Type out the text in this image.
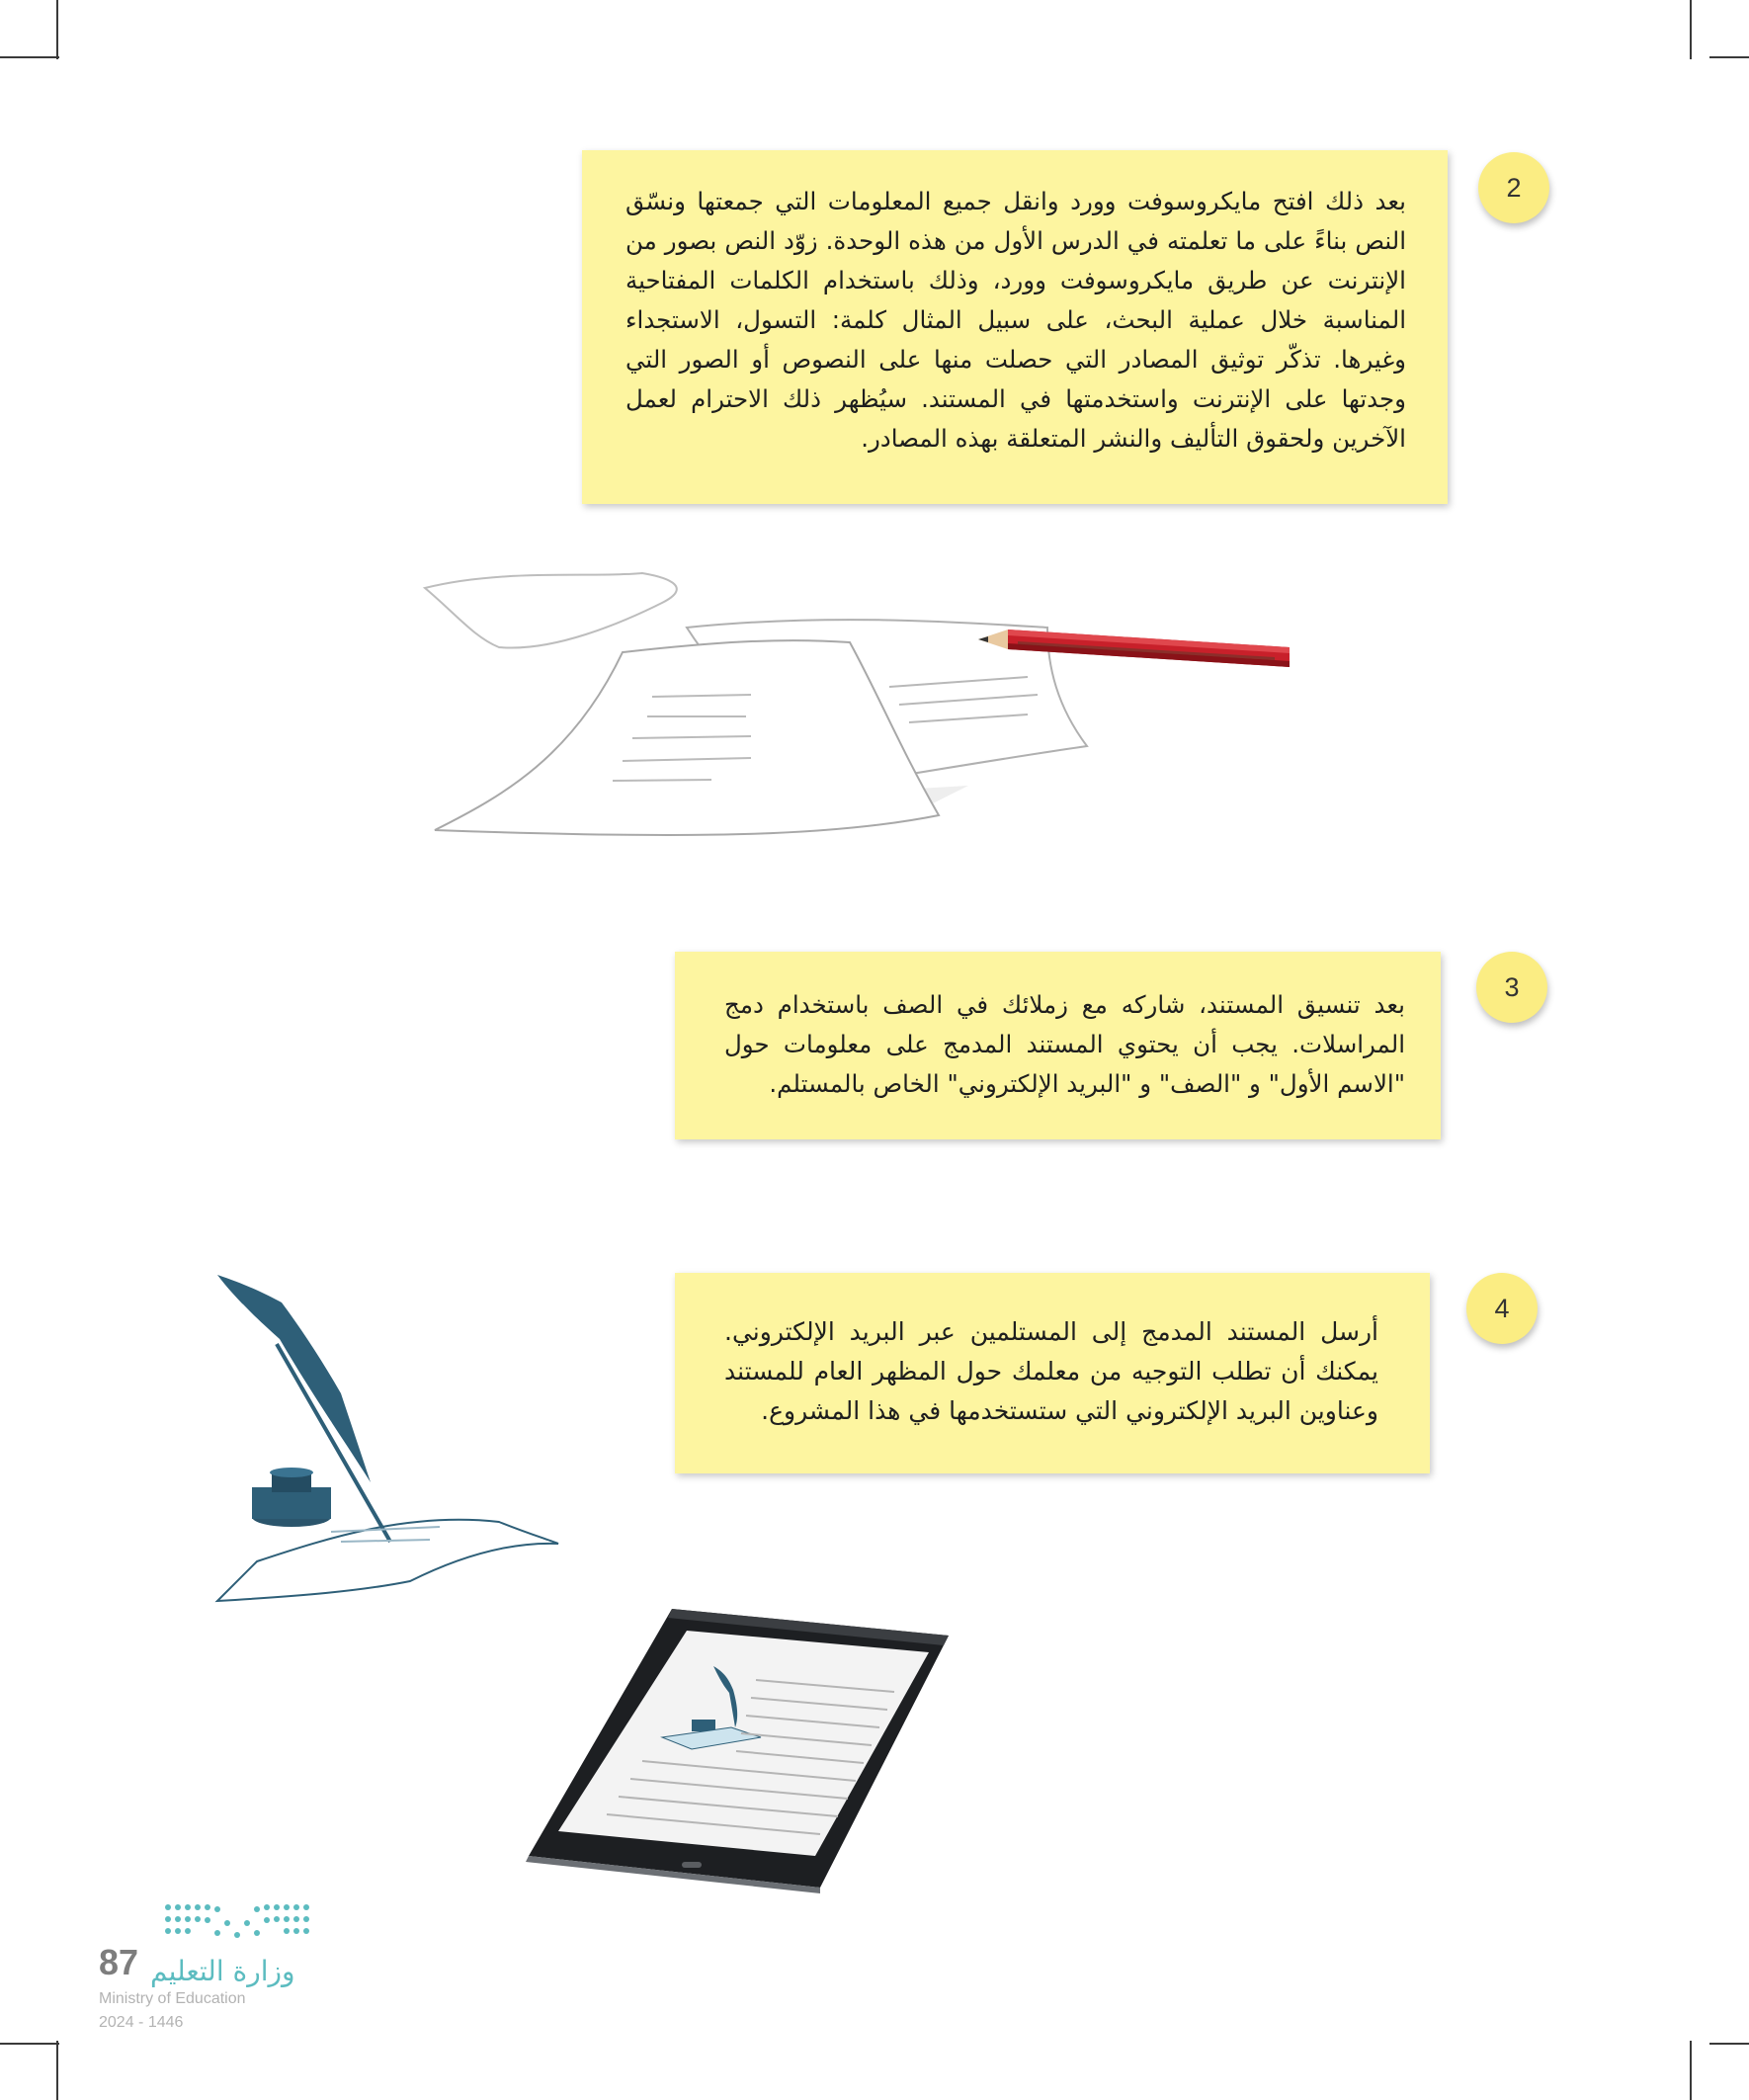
2

بعد ذلك افتح مايكروسوفت وورد وانقل جميع المعلومات التي جمعتها ونسّق النص بناءً على ما تعلمته في الدرس الأول من هذه الوحدة. زوّد النص بصور من الإنترنت عن طريق مايكروسوفت وورد، وذلك باستخدام الكلمات المفتاحية المناسبة خلال عملية البحث، على سبيل المثال كلمة: التسول، الاستجداء وغيرها. تذكّر توثيق المصادر التي حصلت منها على النصوص أو الصور التي وجدتها على الإنترنت واستخدمتها في المستند. سيُظهر ذلك الاحترام لعمل الآخرين ولحقوق التأليف والنشر المتعلقة بهذه المصادر.

3

بعد تنسيق المستند، شاركه مع زملائك في الصف باستخدام دمج المراسلات. يجب أن يحتوي المستند المدمج على معلومات حول "الاسم الأول" و "الصف" و "البريد الإلكتروني" الخاص بالمستلم.

4

أرسل المستند المدمج إلى المستلمين عبر البريد الإلكتروني. يمكنك أن تطلب التوجيه من معلمك حول المظهر العام للمستند وعناوين البريد الإلكتروني التي ستستخدمها في هذا المشروع.

87 وزارة التعليم
Ministry of Education
2024 - 1446
